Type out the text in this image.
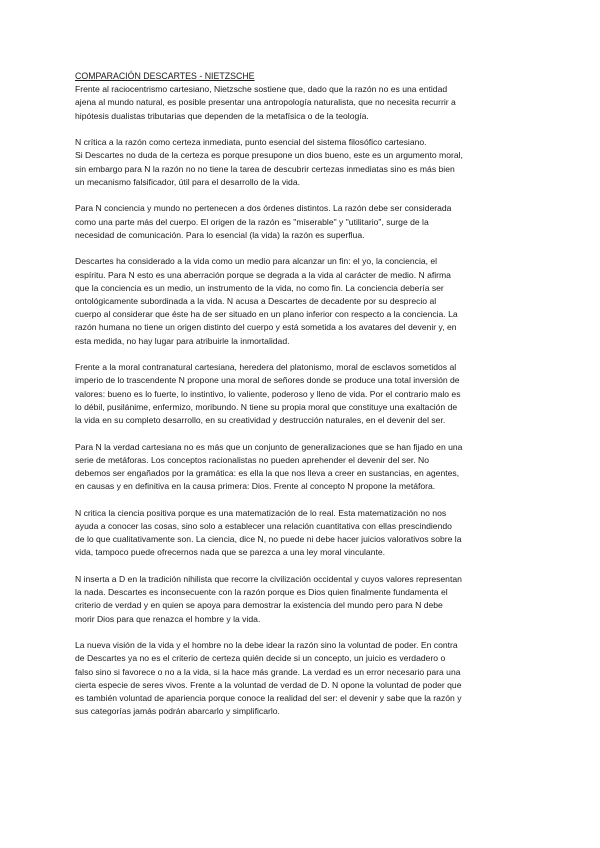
COMPARACIÓN DESCARTES - NIETZSCHE
Frente al raciocentrismo cartesiano, Nietzsche sostiene que, dado que la razón no es una entidad
ajena al mundo natural, es posible presentar una antropología naturalista, que no necesita recurrir a
hipótesis dualistas tributarias que dependen de la metafísica o de la teología.
N crítica a la razón como certeza inmediata, punto esencial del sistema filosófico cartesiano.
Si Descartes no duda de la certeza es porque presupone un dios bueno, este es un argumento moral,
sin embargo para N la razón no no tiene la tarea de descubrir certezas inmediatas sino es más bien
un mecanismo falsificador, útil para el desarrollo de la vida.
Para N conciencia y mundo no pertenecen a dos órdenes distintos. La razón debe ser considerada
como una parte más del cuerpo. El origen de la razón es "miserable" y "utilitario", surge de la
necesidad de comunicación. Para lo esencial (la vida) la razón es superflua.
Descartes ha considerado a la vida como un medio para alcanzar un fin: el yo, la conciencia, el
espíritu. Para N esto es una aberración porque se degrada a la vida al carácter de medio. N afirma
que la conciencia es un medio, un instrumento de la vida, no como fin. La conciencia debería ser
ontológicamente subordinada a la vida. N acusa a Descartes de decadente por su desprecio al
cuerpo al considerar que éste ha de ser situado en un plano inferior con respecto a la conciencia. La
razón humana no tiene un origen distinto del cuerpo y está sometida a los avatares del devenir y, en
esta medida, no hay lugar para atribuirle la inmortalidad.
Frente a la moral contranatural cartesiana, heredera del platonismo, moral de esclavos sometidos al
imperio de lo trascendente N propone una moral de señores donde se produce una total inversión de
valores: bueno es lo fuerte, lo instintivo, lo valiente, poderoso y lleno de vida. Por el contrario malo es
lo débil, pusilánime, enfermizo, moribundo. N tiene su propia moral que constituye una exaltación de
la vida en su completo desarrollo, en su creatividad y destrucción naturales, en el devenir del ser.
Para N la verdad cartesiana no es más que un conjunto de generalizaciones que se han fijado en una
serie de metáforas. Los conceptos racionalistas no pueden aprehender el devenir del ser. No
debemos ser engañados por la gramática: es ella la que nos lleva a creer en sustancias, en agentes,
en causas y en definitiva en la causa primera: Dios. Frente al concepto N propone la metáfora.
N critica la ciencia positiva porque es una matematización de lo real. Esta matematización no nos
ayuda a conocer las cosas, sino solo a establecer una relación cuantitativa con ellas prescindiendo
de lo que cualitativamente son. La ciencia, dice N, no puede ni debe hacer juicios valorativos sobre la
vida, tampoco puede ofrecernos nada que se parezca a una ley moral vinculante.
N inserta a D en la tradición nihilista que recorre la civilización occidental y cuyos valores representan
la nada. Descartes es inconsecuente con la razón porque es Dios quien finalmente fundamenta el
criterio de verdad y en quien se apoya para demostrar la existencia del mundo pero para N debe
morir Dios para que renazca el hombre y la vida.
La nueva visión de la vida y el hombre no la debe idear la razón sino la voluntad de poder. En contra
de Descartes ya no es el criterio de certeza quién decide si un concepto, un juicio es verdadero o
falso sino si favorece o no a la vida, si la hace más grande. La verdad es un error necesario para una
cierta especie de seres vivos. Frente a la voluntad de verdad de D. N opone la voluntad de poder que
es también voluntad de apariencia porque conoce la realidad del ser: el devenir y sabe que la razón y
sus categorías jamás podrán abarcarlo y simplificarlo.
